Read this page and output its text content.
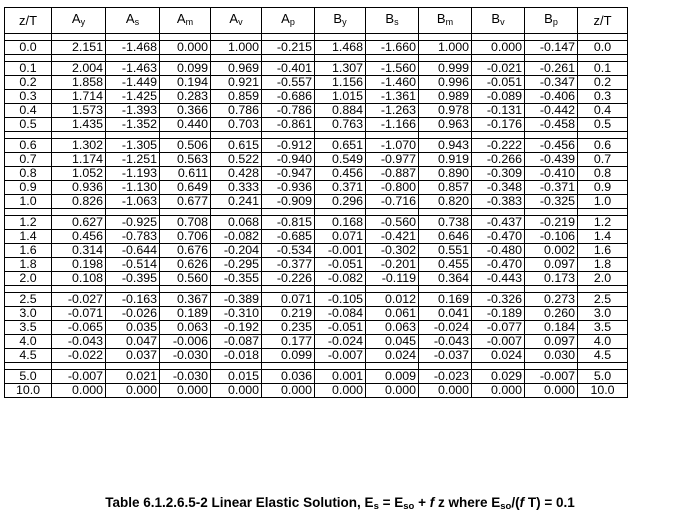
z/T	$A_y$	$A_s$	$A_m$	$A_v$	$A_p$	$B_y$	$B_s$	$B_m$	$B_v$	$B_p$	z/T

0.0	2.151	-1.468	0.000	1.000	-0.215	1.468	-1.660	1.000	0.000	-0.147	0.0

0.1	2.004	-1.463	0.099	0.969	-0.401	1.307	-1.560	0.999	-0.021	-0.261	0.1
0.2	1.858	-1.449	0.194	0.921	-0.557	1.156	-1.460	0.996	-0.051	-0.347	0.2
0.3	1.714	-1.425	0.283	0.859	-0.686	1.015	-1.361	0.989	-0.089	-0.406	0.3
0.4	1.573	-1.393	0.366	0.786	-0.786	0.884	-1.263	0.978	-0.131	-0.442	0.4
0.5	1.435	-1.352	0.440	0.703	-0.861	0.763	-1.166	0.963	-0.176	-0.458	0.5

0.6	1.302	-1.305	0.506	0.615	-0.912	0.651	-1.070	0.943	-0.222	-0.456	0.6
0.7	1.174	-1.251	0.563	0.522	-0.940	0.549	-0.977	0.919	-0.266	-0.439	0.7
0.8	1.052	-1.193	0.611	0.428	-0.947	0.456	-0.887	0.890	-0.309	-0.410	0.8
0.9	0.936	-1.130	0.649	0.333	-0.936	0.371	-0.800	0.857	-0.348	-0.371	0.9
1.0	0.826	-1.063	0.677	0.241	-0.909	0.296	-0.716	0.820	-0.383	-0.325	1.0

1.2	0.627	-0.925	0.708	0.068	-0.815	0.168	-0.560	0.738	-0.437	-0.219	1.2
1.4	0.456	-0.783	0.706	-0.082	-0.685	0.071	-0.421	0.646	-0.470	-0.106	1.4
1.6	0.314	-0.644	0.676	-0.204	-0.534	-0.001	-0.302	0.551	-0.480	0.002	1.6
1.8	0.198	-0.514	0.626	-0.295	-0.377	-0.051	-0.201	0.455	-0.470	0.097	1.8
2.0	0.108	-0.395	0.560	-0.355	-0.226	-0.082	-0.119	0.364	-0.443	0.173	2.0

2.5	-0.027	-0.163	0.367	-0.389	0.071	-0.105	0.012	0.169	-0.326	0.273	2.5
3.0	-0.071	-0.026	0.189	-0.310	0.219	-0.084	0.061	0.041	-0.189	0.260	3.0
3.5	-0.065	0.035	0.063	-0.192	0.235	-0.051	0.063	-0.024	-0.077	0.184	3.5
4.0	-0.043	0.047	-0.006	-0.087	0.177	-0.024	0.045	-0.043	-0.007	0.097	4.0
4.5	-0.022	0.037	-0.030	-0.018	0.099	-0.007	0.024	-0.037	0.024	0.030	4.5

5.0	-0.007	0.021	-0.030	0.015	0.036	0.001	0.009	-0.023	0.029	-0.007	5.0
10.0	0.000	0.000	0.000	0.000	0.000	0.000	0.000	0.000	0.000	0.000	10.0
Table 6.1.2.6.5-2 Linear Elastic Solution, $E_s = E_{so} + f$ z where $E_{so}/(f$ T) = 0.1
